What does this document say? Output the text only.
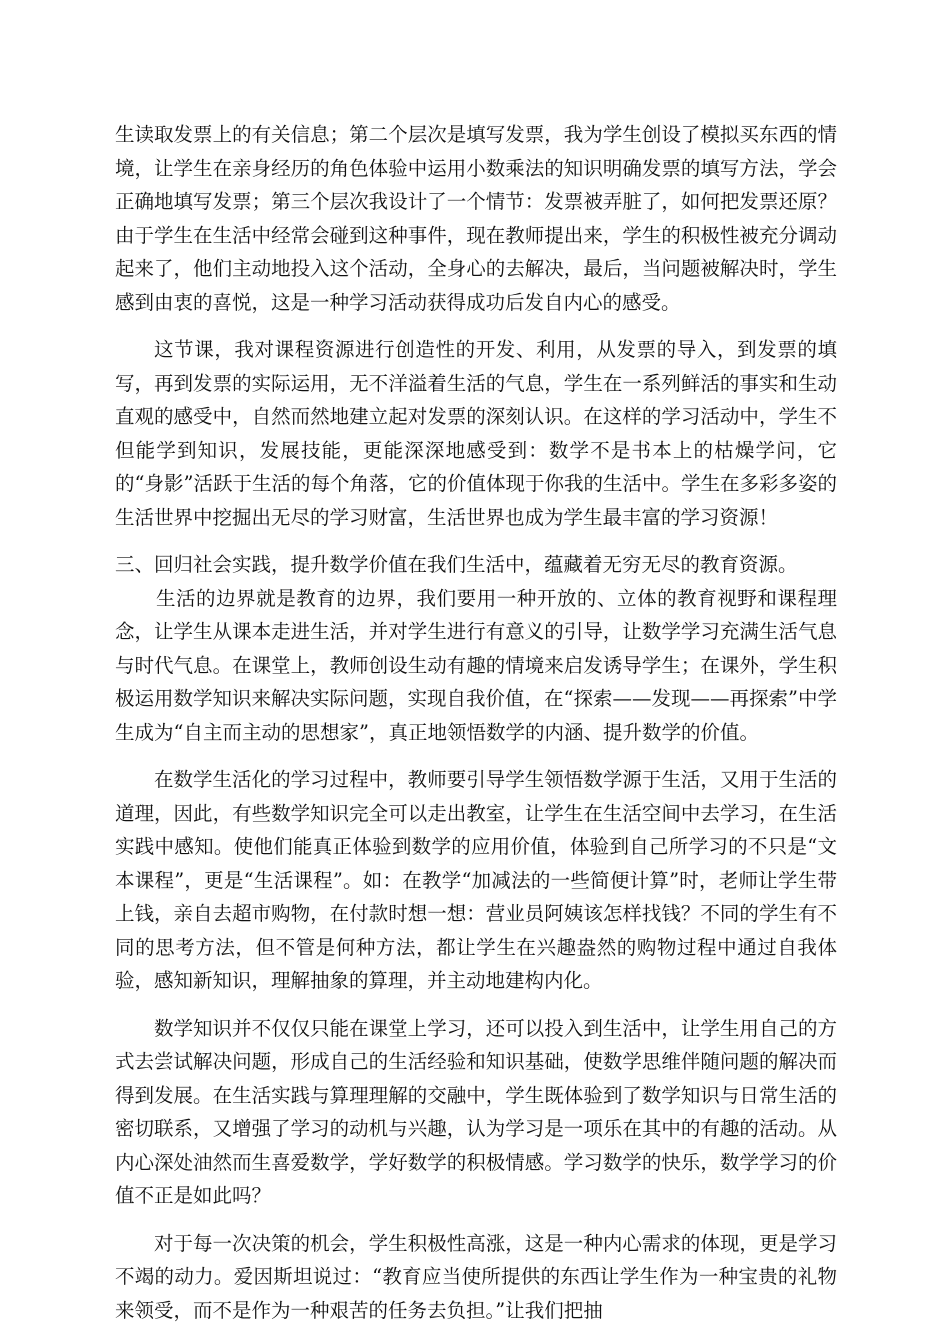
生读取发票上的有关信息；第二个层次是填写发票，我为学生创设了模拟买东西的情境，让学生在亲身经历的角色体验中运用小数乘法的知识明确发票的填写方法，学会正确地填写发票；第三个层次我设计了一个情节：发票被弄脏了，如何把发票还原？由于学生在生活中经常会碰到这种事件，现在教师提出来，学生的积极性被充分调动起来了，他们主动地投入这个活动，全身心的去解决，最后，当问题被解决时，学生感到由衷的喜悦，这是一种学习活动获得成功后发自内心的感受。

这节课，我对课程资源进行创造性的开发、利用，从发票的导入，到发票的填写，再到发票的实际运用，无不洋溢着生活的气息，学生在一系列鲜活的事实和生动直观的感受中，自然而然地建立起对发票的深刻认识。在这样的学习活动中，学生不但能学到知识，发展技能，更能深深地感受到：数学不是书本上的枯燥学问，它的“身影”活跃于生活的每个角落，它的价值体现于你我的生活中。学生在多彩多姿的生活世界中挖掘出无尽的学习财富，生活世界也成为学生最丰富的学习资源！

三、回归社会实践，提升数学价值在我们生活中，蕴藏着无穷无尽的教育资源。

生活的边界就是教育的边界，我们要用一种开放的、立体的教育视野和课程理念，让学生从课本走进生活，并对学生进行有意义的引导，让数学学习充满生活气息与时代气息。在课堂上，教师创设生动有趣的情境来启发诱导学生；在课外，学生积极运用数学知识来解决实际问题，实现自我价值，在“探索——发现——再探索”中学生成为“自主而主动的思想家”，真正地领悟数学的内涵、提升数学的价值。

在数学生活化的学习过程中，教师要引导学生领悟数学源于生活，又用于生活的道理，因此，有些数学知识完全可以走出教室，让学生在生活空间中去学习，在生活实践中感知。使他们能真正体验到数学的应用价值，体验到自己所学习的不只是“文本课程”，更是“生活课程”。如：在教学“加减法的一些简便计算”时，老师让学生带上钱，亲自去超市购物，在付款时想一想：营业员阿姨该怎样找钱？不同的学生有不同的思考方法，但不管是何种方法，都让学生在兴趣盎然的购物过程中通过自我体验，感知新知识，理解抽象的算理，并主动地建构内化。

数学知识并不仅仅只能在课堂上学习，还可以投入到生活中，让学生用自己的方式去尝试解决问题，形成自己的生活经验和知识基础，使数学思维伴随问题的解决而得到发展。在生活实践与算理理解的交融中，学生既体验到了数学知识与日常生活的密切联系，又增强了学习的动机与兴趣，认为学习是一项乐在其中的有趣的活动。从内心深处油然而生喜爱数学，学好数学的积极情感。学习数学的快乐，数学学习的价值不正是如此吗？

对于每一次决策的机会，学生积极性高涨，这是一种内心需求的体现，更是学习不竭的动力。爱因斯坦说过：“教育应当使所提供的东西让学生作为一种宝贵的礼物来领受，而不是作为一种艰苦的任务去负担。”让我们把抽
